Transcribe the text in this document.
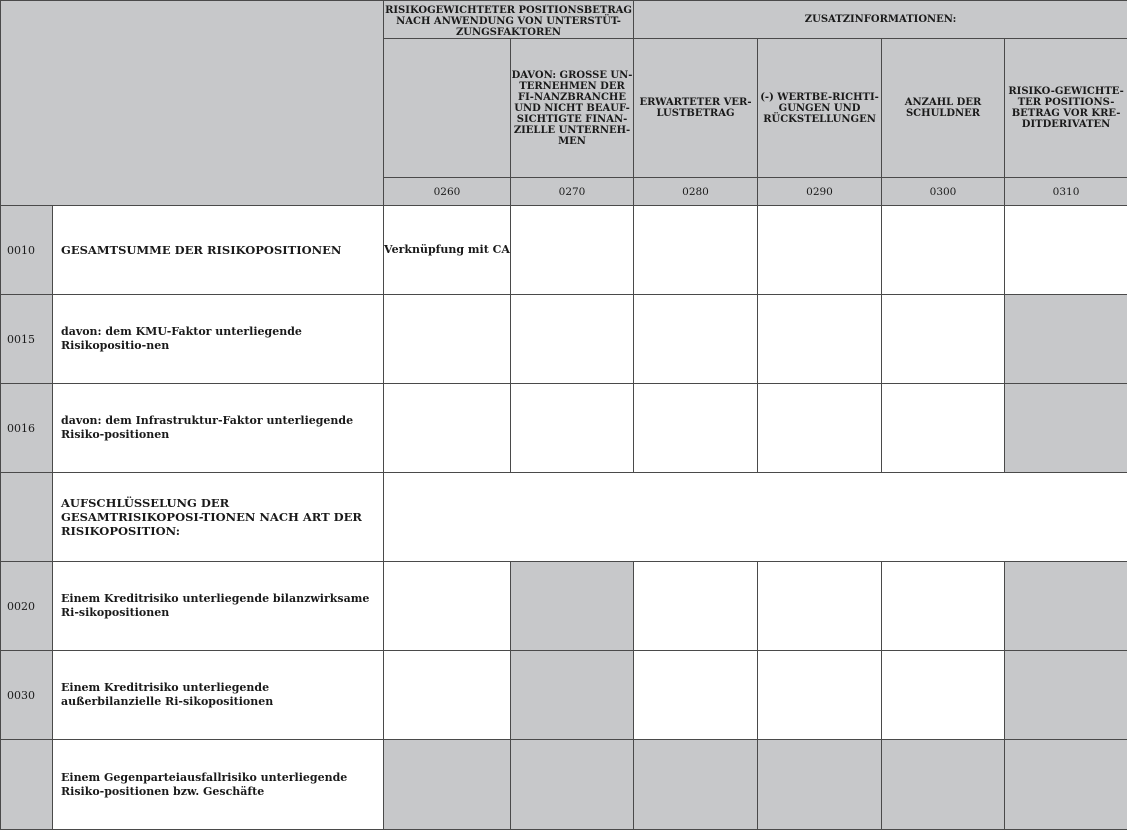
		RISIKOGEWICHTETER POSITIONSBETRAG NACH ANWENDUNG VON UNTERSTÜT-ZUNGSFAKTOREN		ZUSATZINFORMATIONEN:			
			DAVON: GROSSE UN-TERNEHMEN DER FI-NANZBRANCHE UND NICHT BEAUF-SICHTIGTE FINAN-ZIELLE UNTERNEH-MEN	ERWARTETER VER-LUSTBETRAG	(-) WERTBE-RICHTI-GUNGEN UND RÜCKSTELLUNGEN	ANZAHL DER SCHULDNER	RISIKO-GEWICHTE-TER POSITIONS-BETRAG VOR KRE-DITDERIVATEN
		0260	0270	0280	0290	0300	0310
0010	GESAMTSUMME DER RISIKOPOSITIONEN	Verknüpfung mit CA					
0015	davon: dem KMU-Faktor unterliegende Risikopositio-nen						
0016	davon: dem Infrastruktur-Faktor unterliegende Risiko-positionen						
	AUFSCHLÜSSELUNG DER GESAMTRISIKOPOSI-TIONEN NACH ART DER RISIKOPOSITION:						
0020	Einem Kreditrisiko unterliegende bilanzwirksame Ri-sikopositionen						
0030	Einem Kreditrisiko unterliegende außerbilanzielle Ri-sikopositionen						
	Einem Gegenparteiausfallrisiko unterliegende Risiko-positionen bzw. Geschäfte						
